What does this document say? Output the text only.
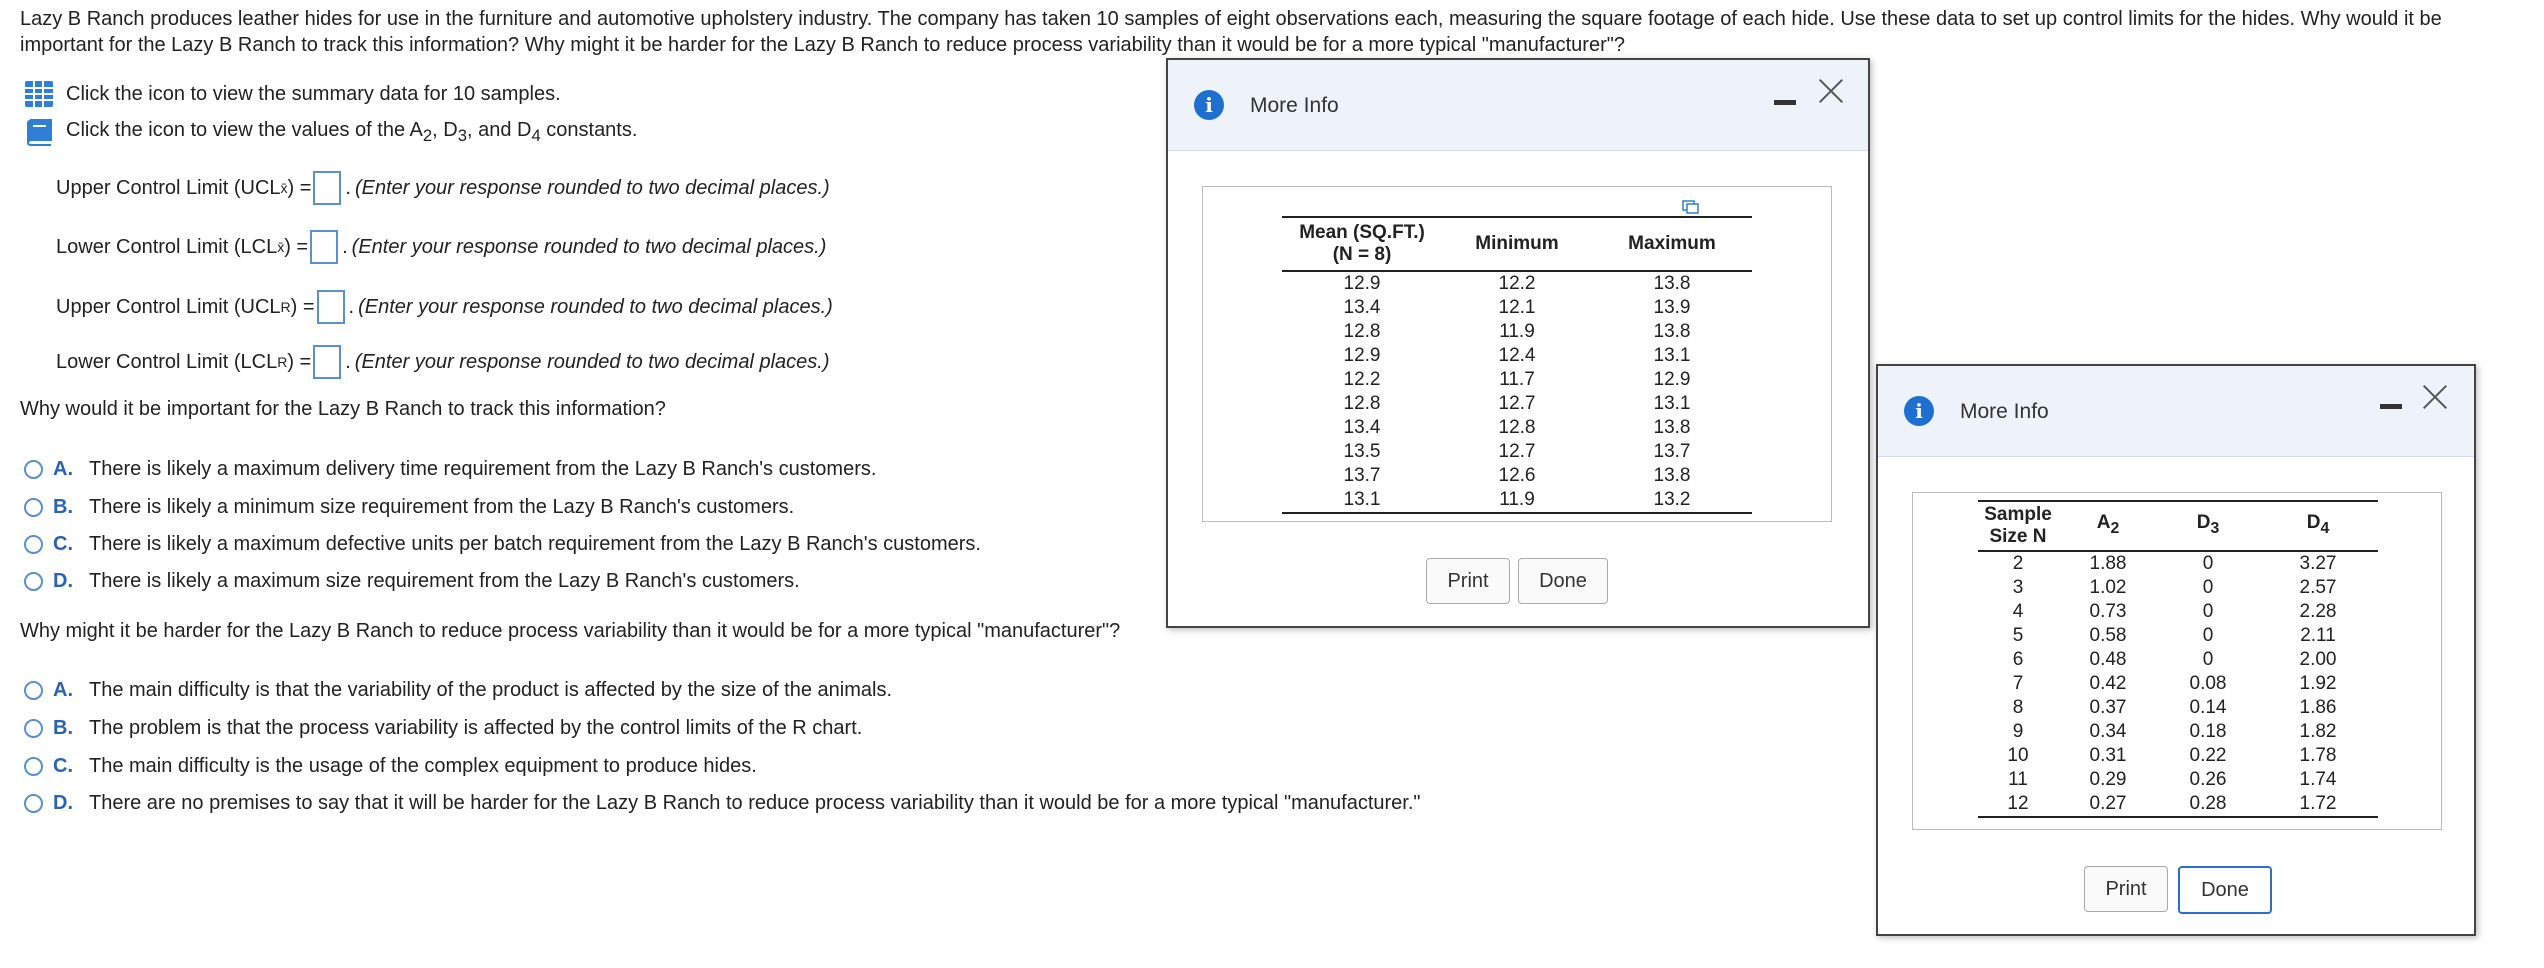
Lazy B Ranch produces leather hides for use in the furniture and automotive upholstery industry. The company has taken 10 samples of eight observations each, measuring the square footage of each hide. Use these data to set up control limits for the hides. Why would it be important for the Lazy B Ranch to track this information? Why might it be harder for the Lazy B Ranch to reduce process variability than it would be for a more typical "manufacturer"?
Click the icon to view the summary data for 10 samples.
Click the icon to view the values of the $A_2$, $D_3$, and $D_4$ constants.
Upper Control Limit (UCL x̄ ) = . (Enter your response rounded to two decimal places.)
Lower Control Limit (LCL x̄ ) = . (Enter your response rounded to two decimal places.)
Upper Control Limit (UCL R ) = . (Enter your response rounded to two decimal places.)
Lower Control Limit (LCL R ) = . (Enter your response rounded to two decimal places.)
Why would it be important for the Lazy B Ranch to track this information?
A. There is likely a maximum delivery time requirement from the Lazy B Ranch's customers.
B. There is likely a minimum size requirement from the Lazy B Ranch's customers.
C. There is likely a maximum defective units per batch requirement from the Lazy B Ranch's customers.
D. There is likely a maximum size requirement from the Lazy B Ranch's customers.
Why might it be harder for the Lazy B Ranch to reduce process variability than it would be for a more typical "manufacturer"?
A. The main difficulty is that the variability of the product is affected by the size of the animals.
B. The problem is that the process variability is affected by the control limits of the R chart.
C. The main difficulty is the usage of the complex equipment to produce hides.
D. There are no premises to say that it will be harder for the Lazy B Ranch to reduce process variability than it would be for a more typical "manufacturer."
i	More Info
Mean (SQ.FT.)
(N = 8)	Minimum	Maximum
12.9	12.2	13.8
13.4	12.1	13.9
12.8	11.9	13.8
12.9	12.4	13.1
12.2	11.7	12.9
12.8	12.7	13.1
13.4	12.8	13.8
13.5	12.7	13.7
13.7	12.6	13.8
13.1	11.9	13.2
Print	Done
i	More Info
Sample
Size N	$A_2$	$D_3$	$D_4$
2	1.88	0	3.27
3	1.02	0	2.57
4	0.73	0	2.28
5	0.58	0	2.11
6	0.48	0	2.00
7	0.42	0.08	1.92
8	0.37	0.14	1.86
9	0.34	0.18	1.82
10	0.31	0.22	1.78
11	0.29	0.26	1.74
12	0.27	0.28	1.72
Print	Done
